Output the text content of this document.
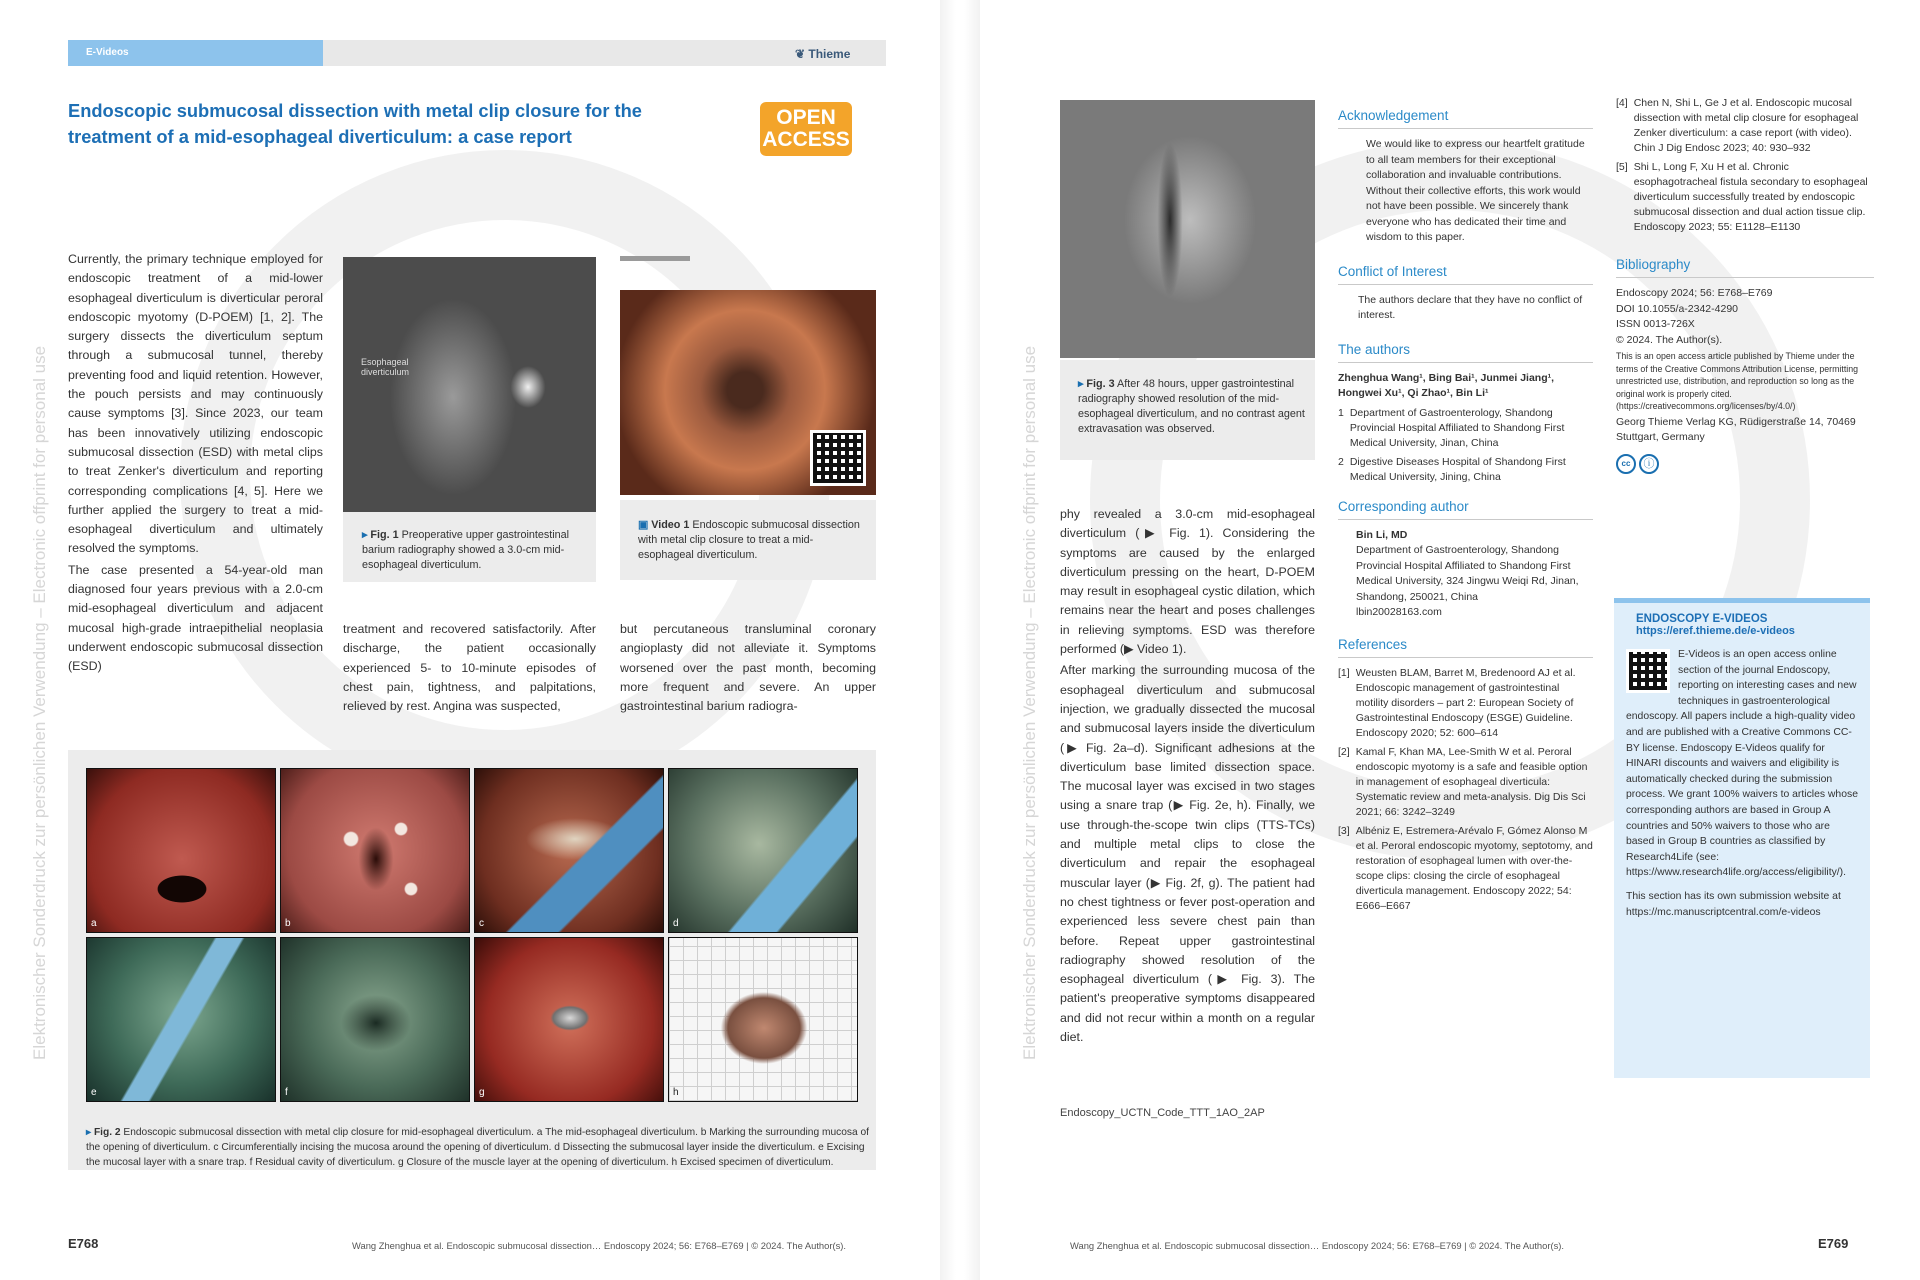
Elektronischer Sonderdruck zur persönlichen Verwendung – Electronic offprint for personal use
E-Videos	❦ Thieme
Endoscopic submucosal dissection with metal clip closure for the treatment of a mid-esophageal diverticulum: a case report
OPEN
ACCESS

Currently, the primary technique employed for endoscopic treatment of a mid-lower esophageal diverticulum is diverticular peroral endoscopic myotomy (D-POEM) [1, 2]. The surgery dissects the diverticulum septum through a submucosal tunnel, thereby preventing food and liquid retention. However, the pouch persists and may continuously cause symptoms [3]. Since 2023, our team has been innovatively utilizing endoscopic submucosal dissection (ESD) with metal clips to treat Zenker's diverticulum and reporting corresponding complications [4, 5]. Here we further applied the surgery to treat a mid-esophageal diverticulum and ultimately resolved the symptoms.

The case presented a 54-year-old man diagnosed four years previous with a 2.0-cm mid-esophageal diverticulum and adjacent mucosal high-grade intraepithelial neoplasia underwent endoscopic submucosal dissection (ESD)

Esophageal diverticulum
▸ Fig. 1 Preoperative upper gastrointestinal barium radiography showed a 3.0-cm mid-esophageal diverticulum.
▣ Video 1 Endoscopic submucosal dissection with metal clip closure to treat a mid-esophageal diverticulum.
treatment and recovered satisfactorily. After discharge, the patient occasionally experienced 5- to 10-minute episodes of chest pain, tightness, and palpitations, relieved by rest. Angina was suspected,
but percutaneous transluminal coronary angioplasty did not alleviate it. Symptoms worsened over the past month, becoming more frequent and severe. An upper gastrointestinal barium radiogra-
a	b	c	d
e	f	g	h
▸ Fig. 2 Endoscopic submucosal dissection with metal clip closure for mid-esophageal diverticulum. a The mid-esophageal diverticulum. b Marking the surrounding mucosa of the opening of diverticulum. c Circumferentially incising the mucosa around the opening of diverticulum. d Dissecting the submucosal layer inside the diverticulum. e Excising the mucosal layer with a snare trap. f Residual cavity of diverticulum. g Closure of the muscle layer at the opening of diverticulum. h Excised specimen of diverticulum.
E768	Wang Zhenghua et al. Endoscopic submucosal dissection… Endoscopy 2024; 56: E768–E769 | © 2024. The Author(s).
Elektronischer Sonderdruck zur persönlichen Verwendung – Electronic offprint for personal use	▸ Fig. 3 After 48 hours, upper gastrointestinal radiography showed resolution of the mid-esophageal diverticulum, and no contrast agent extravasation was observed.

phy revealed a 3.0-cm mid-esophageal diverticulum (▶ Fig. 1). Considering the symptoms are caused by the enlarged diverticulum pressing on the heart, D-POEM may result in esophageal cystic dilation, which remains near the heart and poses challenges in relieving symptoms. ESD was therefore performed (▶ Video 1).

After marking the surrounding mucosa of the esophageal diverticulum and submucosal injection, we gradually dissected the mucosal and submucosal layers inside the diverticulum (▶ Fig. 2a–d). Significant adhesions at the diverticulum base limited dissection space. The mucosal layer was excised in two stages using a snare trap (▶ Fig. 2e, h). Finally, we use through-the-scope twin clips (TTS-TCs) and multiple metal clips to close the diverticulum and repair the esophageal muscular layer (▶ Fig. 2f, g). The patient had no chest tightness or fever post-operation and experienced less severe chest pain than before. Repeat upper gastrointestinal radiography showed resolution of the esophageal diverticulum (▶ Fig. 3). The patient's preoperative symptoms disappeared and did not recur within a month on a regular diet.

Endoscopy_UCTN_Code_TTT_1AO_2AP
Acknowledgement
We would like to express our heartfelt gratitude to all team members for their exceptional collaboration and invaluable contributions. Without their collective efforts, this work would not have been possible. We sincerely thank everyone who has dedicated their time and wisdom to this paper.
Conflict of Interest
The authors declare that they have no conflict of interest.
The authors
Zhenghua Wang¹, Bing Bai¹, Junmei Jiang¹, Hongwei Xu¹, Qi Zhao¹, Bin Li¹
1 Department of Gastroenterology, Shandong Provincial Hospital Affiliated to Shandong First Medical University, Jinan, China
2 Digestive Diseases Hospital of Shandong First Medical University, Jining, China
Corresponding author
Bin Li, MD
Department of Gastroenterology, Shandong Provincial Hospital Affiliated to Shandong First Medical University, 324 Jingwu Weiqi Rd, Jinan, Shandong, 250021, China
lbin20028163.com
References
[1] Weusten BLAM, Barret M, Bredenoord AJ et al. Endoscopic management of gastrointestinal motility disorders – part 2: European Society of Gastrointestinal Endoscopy (ESGE) Guideline. Endoscopy 2020; 52: 600–614
[2] Kamal F, Khan MA, Lee-Smith W et al. Peroral endoscopic myotomy is a safe and feasible option in management of esophageal diverticula: Systematic review and meta-analysis. Dig Dis Sci 2021; 66: 3242–3249
[3] Albéniz E, Estremera-Arévalo F, Gómez Alonso M et al. Peroral endoscopic myotomy, septotomy, and restoration of esophageal lumen with over-the-scope clips: closing the circle of esophageal diverticula management. Endoscopy 2022; 54: E666–E667
[4] Chen N, Shi L, Ge J et al. Endoscopic mucosal dissection with metal clip closure for esophageal Zenker diverticulum: a case report (with video). Chin J Dig Endosc 2023; 40: 930–932
[5] Shi L, Long F, Xu H et al. Chronic esophagotracheal fistula secondary to esophageal diverticulum successfully treated by endoscopic submucosal dissection and dual action tissue clip. Endoscopy 2023; 55: E1128–E1130
Bibliography
Endoscopy 2024; 56: E768–E769
DOI 10.1055/a-2342-4290
ISSN 0013-726X
© 2024. The Author(s).
This is an open access article published by Thieme under the terms of the Creative Commons Attribution License, permitting unrestricted use, distribution, and reproduction so long as the original work is properly cited. (https://creativecommons.org/licenses/by/4.0/)
Georg Thieme Verlag KG, Rüdigerstraße 14, 70469 Stuttgart, Germany
cc	ⓘ
ENDOSCOPY E-VIDEOS
https://eref.thieme.de/e-videos
E-Videos is an open access online section of the journal Endoscopy, reporting on interesting cases and new techniques in gastroenterological endoscopy. All papers include a high-quality video and are published with a Creative Commons CC-BY license. Endoscopy E-Videos qualify for HINARI discounts and waivers and eligibility is automatically checked during the submission process. We grant 100% waivers to articles whose corresponding authors are based in Group A countries and 50% waivers to those who are based in Group B countries as classified by Research4Life (see: https://www.research4life.org/access/eligibility/).
This section has its own submission website at
https://mc.manuscriptcentral.com/e-videos
Wang Zhenghua et al. Endoscopic submucosal dissection… Endoscopy 2024; 56: E768–E769 | © 2024. The Author(s).	E769
